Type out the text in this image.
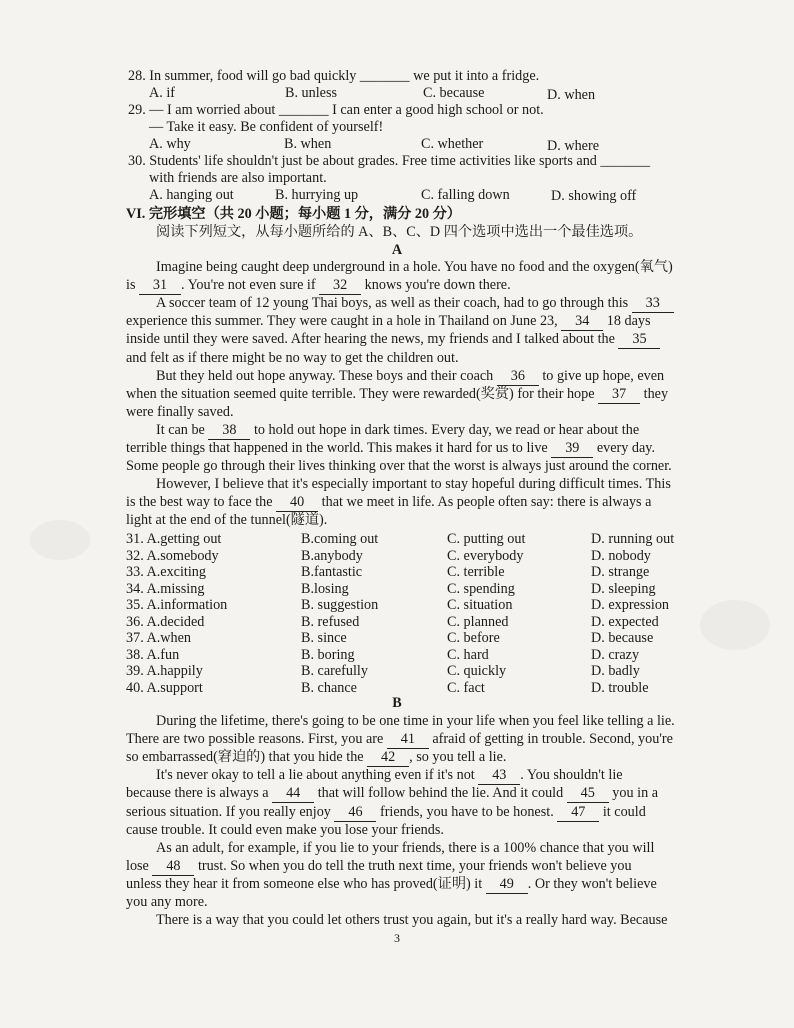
28. In summer, food will go bad quickly _______ we put it into a fridge.
A. if	B. unless	C. because	D. when
29. — I am worried about _______ I can enter a good high school or not.
— Take it easy. Be confident of yourself!
A. why	B. when	C. whether	D. where
30. Students' life shouldn't just be about grades. Free time activities like sports and _______
with friends are also important.
A. hanging out	B. hurrying up	C. falling down	D. showing off
VI. 完形填空（共 20 小题；每小题 1 分，满分 20 分）
阅读下列短文，从每小题所给的 A、B、C、D 四个选项中选出一个最佳选项。
A
Imagine being caught deep underground in a hole. You have no food and the oxygen(氧气)
is 31 . You're not even sure if 32 knows you're down there.
A soccer team of 12 young Thai boys, as well as their coach, had to go through this 33
experience this summer. They were caught in a hole in Thailand on June 23, 34 18 days
inside until they were saved. After hearing the news, my friends and I talked about the 35
and felt as if there might be no way to get the children out.
But they held out hope anyway. These boys and their coach 36 to give up hope, even
when the situation seemed quite terrible. They were rewarded(奖赏) for their hope 37 they
were finally saved.
It can be 38 to hold out hope in dark times. Every day, we read or hear about the
terrible things that happened in the world. This makes it hard for us to live 39 every day.
Some people go through their lives thinking over that the worst is always just around the corner.
However, I believe that it's especially important to stay hopeful during difficult times. This
is the best way to face the 40 that we meet in life. As people often say: there is always a
light at the end of the tunnel(隧道).
31. A.getting out	B.coming out	C. putting out	D. running out
32. A.somebody	B.anybody	C. everybody	D. nobody
33. A.exciting	B.fantastic	C. terrible	D. strange
34. A.missing	B.losing	C. spending	D. sleeping
35. A.information	B. suggestion	C. situation	D. expression
36. A.decided	B. refused	C. planned	D. expected
37. A.when	B. since	C. before	D. because
38. A.fun	B. boring	C. hard	D. crazy
39. A.happily	B. carefully	C. quickly	D. badly
40. A.support	B. chance	C. fact	D. trouble
B
During the lifetime, there's going to be one time in your life when you feel like telling a lie.
There are two possible reasons. First, you are 41 afraid of getting in trouble. Second, you're
so embarrassed(窘迫的) that you hide the 42 , so you tell a lie.
It's never okay to tell a lie about anything even if it's not 43 . You shouldn't lie
because there is always a 44 that will follow behind the lie. And it could 45 you in a
serious situation. If you really enjoy 46 friends, you have to be honest. 47 it could
cause trouble. It could even make you lose your friends.
As an adult, for example, if you lie to your friends, there is a 100% chance that you will
lose 48 trust. So when you do tell the truth next time, your friends won't believe you
unless they hear it from someone else who has proved(证明) it 49 . Or they won't believe
you any more.
There is a way that you could let others trust you again, but it's a really hard way. Because
3
